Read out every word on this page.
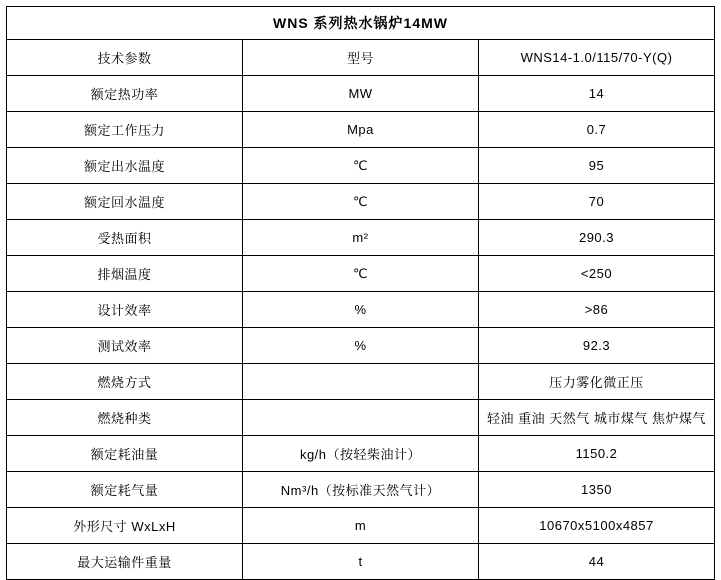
WNS 系列热水锅炉14MW		
技术参数	型号	WNS14-1.0/115/70-Y(Q)
额定热功率	MW	14
额定工作压力	Mpa	0.7
额定出水温度	℃	95
额定回水温度	℃	70
受热面积	m²	290.3
排烟温度	℃	<250
设计效率	%	>86
测试效率	%	92.3
燃烧方式		压力雾化微正压
燃烧种类		轻油 重油 天然气 城市煤气 焦炉煤气
额定耗油量	kg/h（按轻柴油计）	1150.2
额定耗气量	Nm³/h（按标准天然气计）	1350
外形尺寸 WxLxH	m	10670x5100x4857
最大运输件重量	t	44
